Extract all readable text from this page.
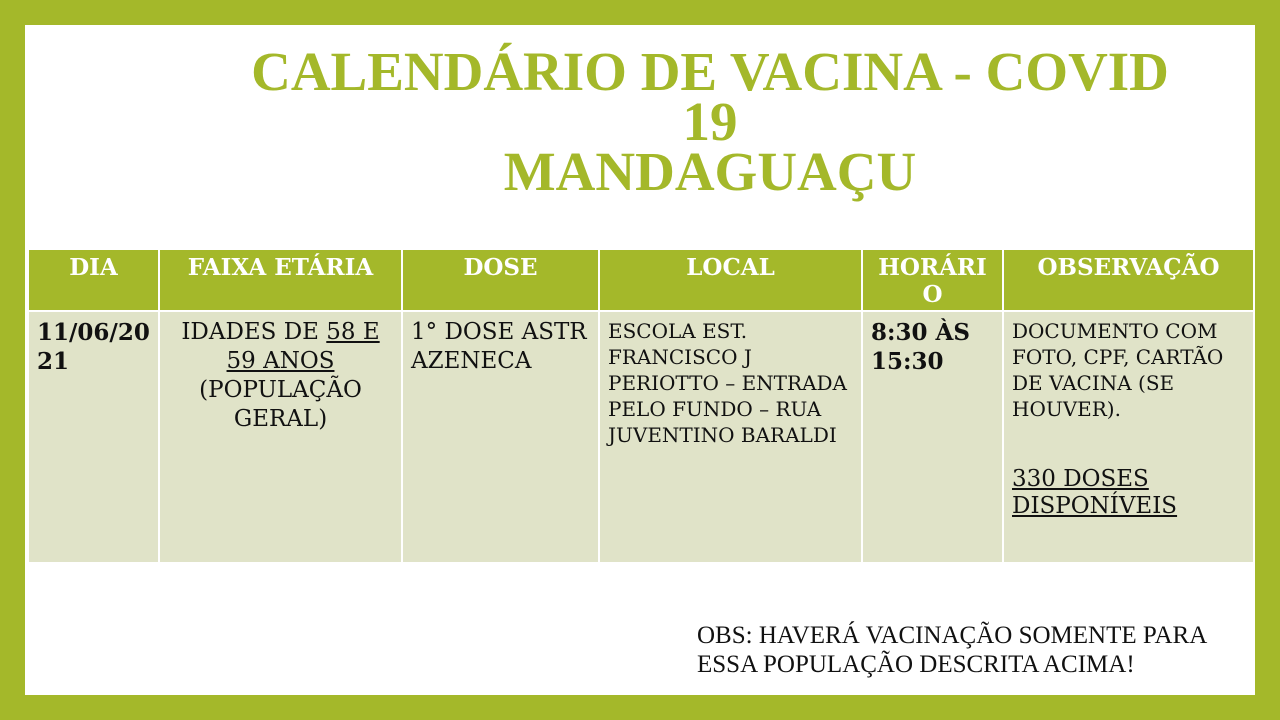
CALENDÁRIO DE VACINA - COVID
19
MANDAGUAÇU
DIA	FAIXA ETÁRIA	DOSE	LOCAL	HORÁRIO	OBSERVAÇÃO
11/06/2021	IDADES DE 58 E 59 ANOS (POPULAÇÃO GERAL)	1° DOSE ASTRAZENECA	ESCOLA EST. FRANCISCO J PERIOTTO – ENTRADA PELO FUNDO – RUA JUVENTINO BARALDI	8:30 ÀS 15:30	DOCUMENTO COM FOTO, CPF, CARTÃO DE VACINA (SE HOUVER).
330 DOSES DISPONÍVEIS
OBS: HAVERÁ VACINAÇÃO SOMENTE PARA ESSA POPULAÇÃO DESCRITA ACIMA!
